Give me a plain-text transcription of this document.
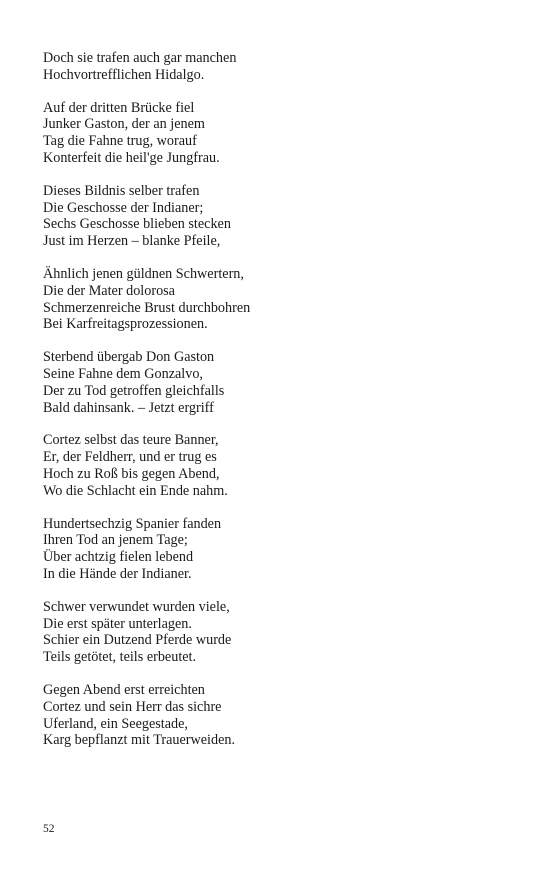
Doch sie trafen auch gar manchen
Hochvortrefflichen Hidalgo.
Auf der dritten Brücke fiel
Junker Gaston, der an jenem
Tag die Fahne trug, worauf
Konterfeit die heil'ge Jungfrau.
Dieses Bildnis selber trafen
Die Geschosse der Indianer;
Sechs Geschosse blieben stecken
Just im Herzen – blanke Pfeile,
Ähnlich jenen güldnen Schwertern,
Die der Mater dolorosa
Schmerzenreiche Brust durchbohren
Bei Karfreitagsprozessionen.
Sterbend übergab Don Gaston
Seine Fahne dem Gonzalvo,
Der zu Tod getroffen gleichfalls
Bald dahinsank. – Jetzt ergriff
Cortez selbst das teure Banner,
Er, der Feldherr, und er trug es
Hoch zu Roß bis gegen Abend,
Wo die Schlacht ein Ende nahm.
Hundertsechzig Spanier fanden
Ihren Tod an jenem Tage;
Über achtzig fielen lebend
In die Hände der Indianer.
Schwer verwundet wurden viele,
Die erst später unterlagen.
Schier ein Dutzend Pferde wurde
Teils getötet, teils erbeutet.
Gegen Abend erst erreichten
Cortez und sein Herr das sichre
Uferland, ein Seegestade,
Karg bepflanzt mit Trauerweiden.
52
